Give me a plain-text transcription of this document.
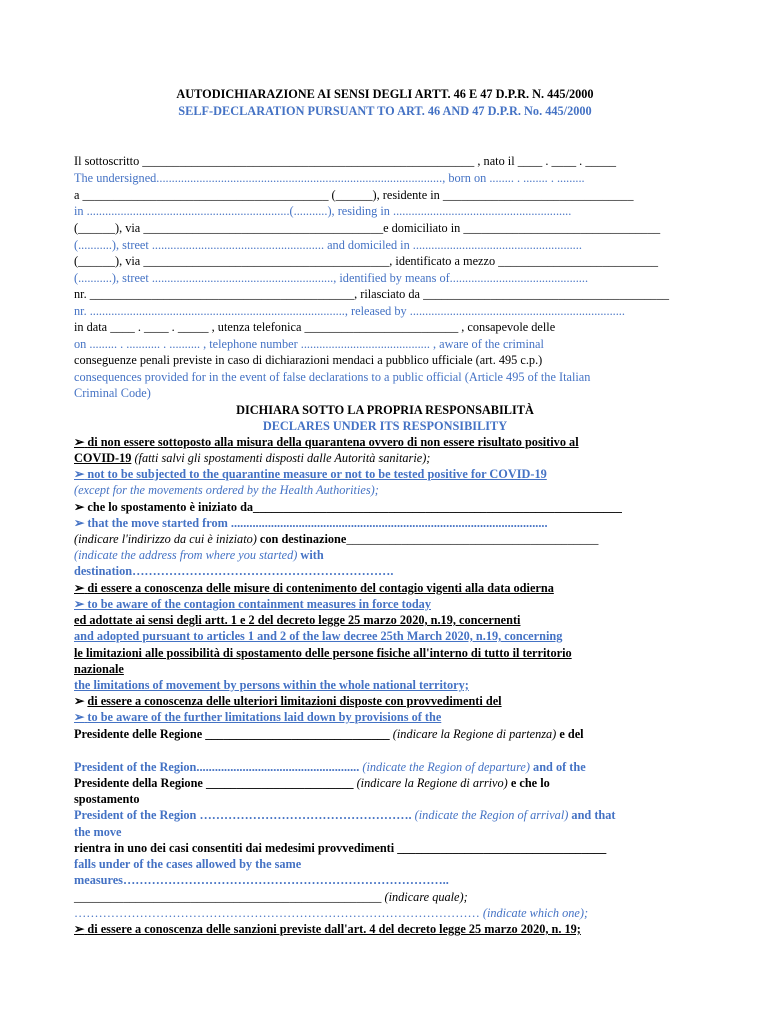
AUTODICHIARAZIONE AI SENSI DEGLI ARTT. 46 E 47 D.P.R. N. 445/2000
SELF-DECLARATION PURSUANT TO ART. 46 AND 47 D.P.R. No. 445/2000
Il sottoscritto ______________________________________________________ , nato il ____ . ____ . _____
The undersigned............................................................................................., born on ........ . ........ . .........
a ________________________________________ (______), residente in _______________________________
in ..................................................................(...........), residing in ..........................................................
(______), via _______________________________________e domiciliato in ________________________________
(...........), street ........................................................ and domiciled in .......................................................
(______), via ________________________________________, identificato a mezzo __________________________
(...........), street ..........................................................., identified by means of.............................................
nr. ___________________________________________, rilasciato da ________________________________________
nr. ..................................................................................., released by ......................................................................
in data ____ . ____ . _____ , utenza telefonica _________________________ , consapevole delle
on ......... . ........... . .......... , telephone number .......................................... , aware of the criminal
conseguenze penali previste in caso di dichiarazioni mendaci a pubblico ufficiale (art. 495 c.p.)
consequences provided for in the event of false declarations to a public official (Article 495 of the Italian
Criminal Code)
DICHIARA SOTTO LA PROPRIA RESPONSABILITÀ
DECLARES UNDER ITS RESPONSIBILITY
➢ di non essere sottoposto alla misura della quarantena ovvero di non essere risultato positivo al
COVID-19 (fatti salvi gli spostamenti disposti dalle Autorità sanitarie);
➢ not to be subjected to the quarantine measure or not to be tested positive for COVID-19
(except for the movements ordered by the Health Authorities);
➢ che lo spostamento è iniziato da____________________________________________________________
➢ that the move started from .......................................................................................................
(indicare l'indirizzo da cui è iniziato) con destinazione_________________________________________
(indicate the address from where you started) with
destination……………………………………………………….
➢ di essere a conoscenza delle misure di contenimento del contagio vigenti alla data odierna
➢ to be aware of the contagion containment measures in force today
ed adottate ai sensi degli artt. 1 e 2 del decreto legge 25 marzo 2020, n.19, concernenti
and adopted pursuant to articles 1 and 2 of the law decree 25th March 2020, n.19, concerning
le limitazioni alle possibilità di spostamento delle persone fisiche all'interno di tutto il territorio
nazionale
the limitations of movement by persons within the whole national territory;
➢ di essere a conoscenza delle ulteriori limitazioni disposte con provvedimenti del
➢ to be aware of the further limitations laid down by provisions of the
Presidente delle Regione ______________________________ (indicare la Regione di partenza) e del
President of the Region..................................................... (indicate the Region of departure) and of the
Presidente della Regione ________________________ (indicare la Regione di arrivo) e che lo
spostamento
President of the Region ……………………………………………. (indicate the Region of arrival) and that
the move
rientra in uno dei casi consentiti dai medesimi provvedimenti __________________________________
falls under of the cases allowed by the same
measures……………………………………………………………………..
__________________________________________________ (indicare quale);
……………………………………………………………………………………… (indicate which one);
➢ di essere a conoscenza delle sanzioni previste dall'art. 4 del decreto legge 25 marzo 2020, n. 19;
